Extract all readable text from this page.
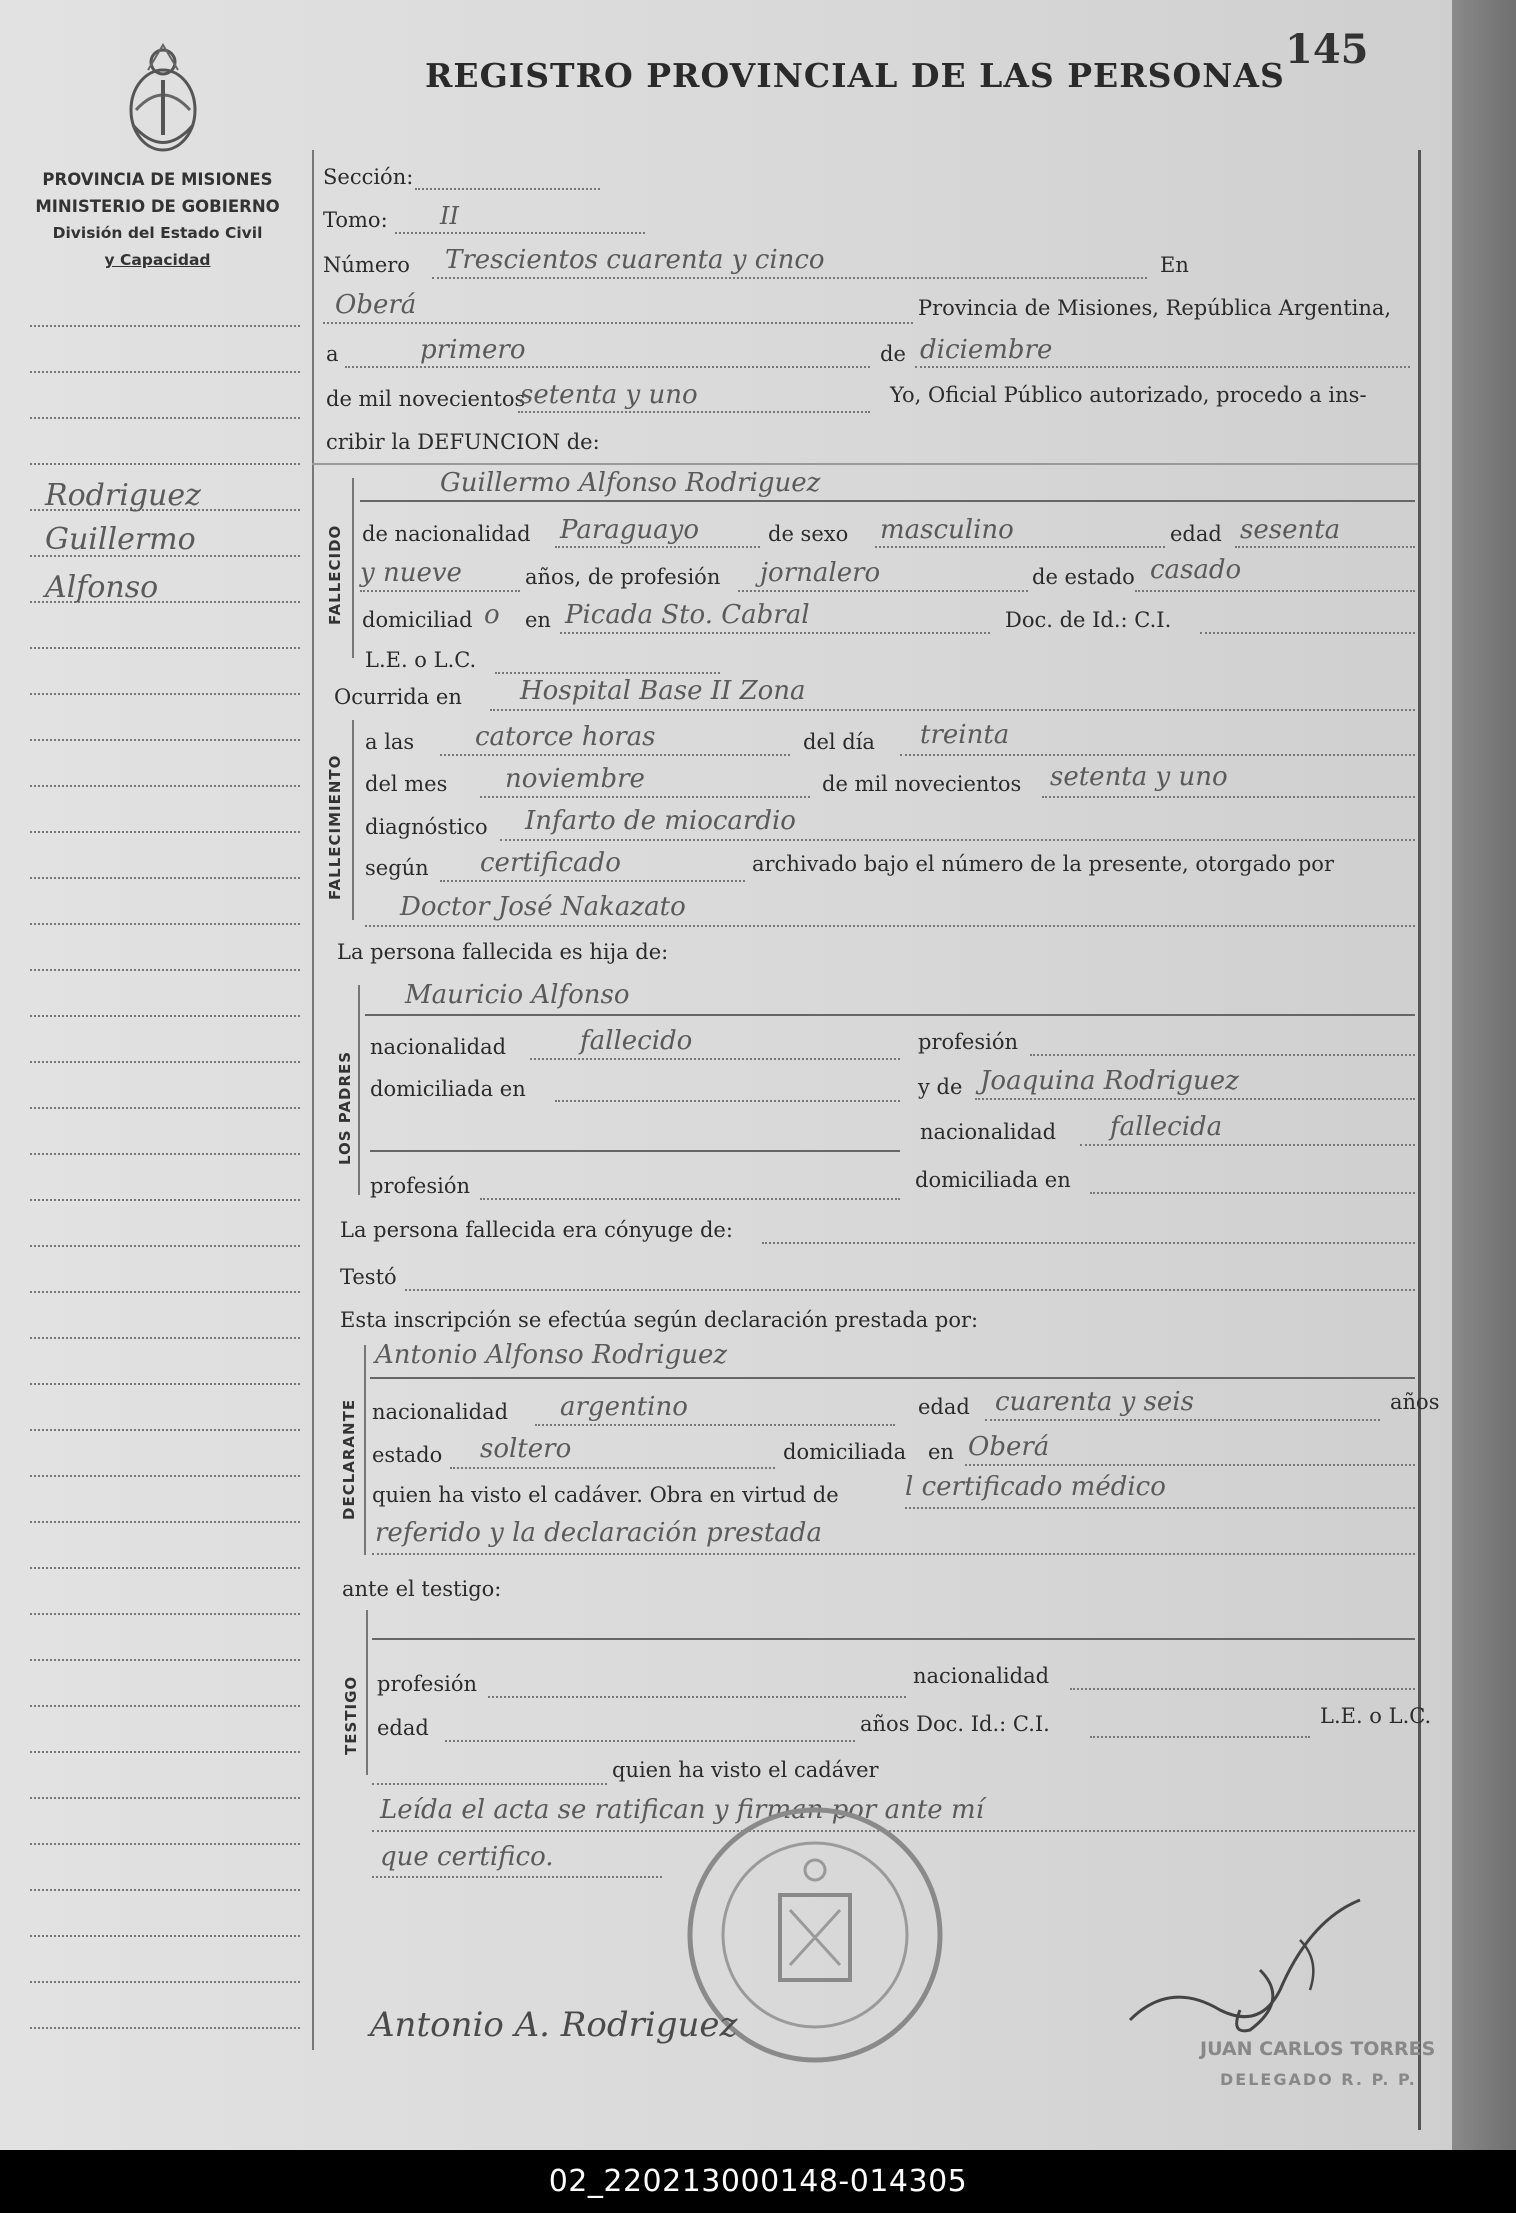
REGISTRO PROVINCIAL DE LAS PERSONAS
145
PROVINCIA DE MISIONES
MINISTERIO DE GOBIERNO
División del Estado Civil
y Capacidad
Rodriguez
Guillermo
Alfonso
Sección:
Tomo: II
Número Trescientos cuarenta y cinco	En
Oberá	Provincia de Misiones, República Argentina,
a	primero	de diciembre
de mil novecientos
setenta y uno	Yo, Oficial Público autorizado, procedo a ins-
cribir la DEFUNCION de:
FALLECIDO
Guillermo Alfonso Rodriguez
de nacionalidad Paraguayo	de sexo masculino	edad sesenta
y nueve	años, de profesión jornalero	de estado casado
domiciliad o en Picada Sto. Cabral	Doc. de Id.: C.I.
L.E. o L.C.
Ocurrida en Hospital Base II Zona
FALLECIMIENTO
a las catorce horas	del día treinta
del mes noviembre	de mil novecientos setenta y uno
diagnóstico Infarto de miocardio
según certificado	archivado bajo el número de la presente, otorgado por
Doctor José Nakazato
La persona fallecida es hija de:
LOS PADRES
Mauricio Alfonso
nacionalidad	fallecido	profesión
domiciliada en	y de Joaquina Rodriguez
nacionalidad fallecida
profesión	domiciliada en
La persona fallecida era cónyuge de:
Testó
Esta inscripción se efectúa según declaración prestada por:
DECLARANTE
Antonio Alfonso Rodriguez
nacionalidad argentino	edad cuarenta y seis	años
estado soltero	domiciliada en Oberá
quien ha visto el cadáver. Obra en virtud de	l certificado médico
referido y la declaración prestada
ante el testigo:
TESTIGO profesión	nacionalidad
edad	años Doc. Id.: C.I.	L.E. o L.C.
quien ha visto el cadáver
Leída el acta se ratifican y firman por ante mí
que certifico.
Antonio A. Rodriguez
JUAN CARLOS TORRES
DELEGADO R. P. P.
02_220213000148-014305
